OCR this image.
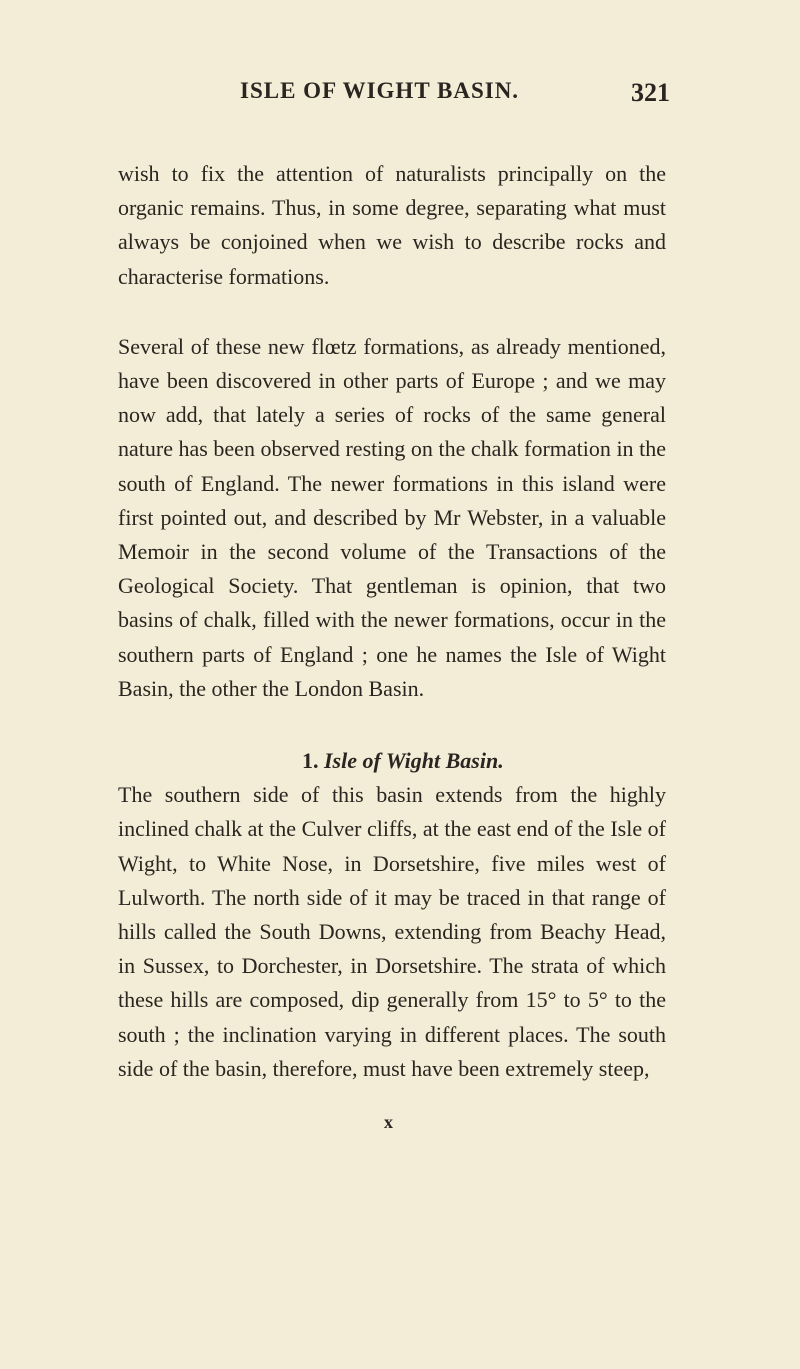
ISLE OF WIGHT BASIN.	321

wish to fix the attention of naturalists principally on the organic remains. Thus, in some degree, separating what must always be conjoined when we wish to describe rocks and characterise formations.

Several of these new flœtz formations, as already mentioned, have been discovered in other parts of Europe ; and we may now add, that lately a series of rocks of the same general nature has been observed resting on the chalk formation in the south of England. The newer formations in this island were first pointed out, and described by Mr Webster, in a valuable Memoir in the second volume of the Transactions of the Geological Society. That gentleman is opinion, that two basins of chalk, filled with the newer formations, occur in the southern parts of England ; one he names the Isle of Wight Basin, the other the London Basin.

1. Isle of Wight Basin.

The southern side of this basin extends from the highly inclined chalk at the Culver cliffs, at the east end of the Isle of Wight, to White Nose, in Dorsetshire, five miles west of Lulworth. The north side of it may be traced in that range of hills called the South Downs, extending from Beachy Head, in Sussex, to Dorchester, in Dorsetshire. The strata of which these hills are composed, dip generally from 15° to 5° to the south ; the inclination varying in different places. The south side of the basin, therefore, must have been extremely steep,

x
